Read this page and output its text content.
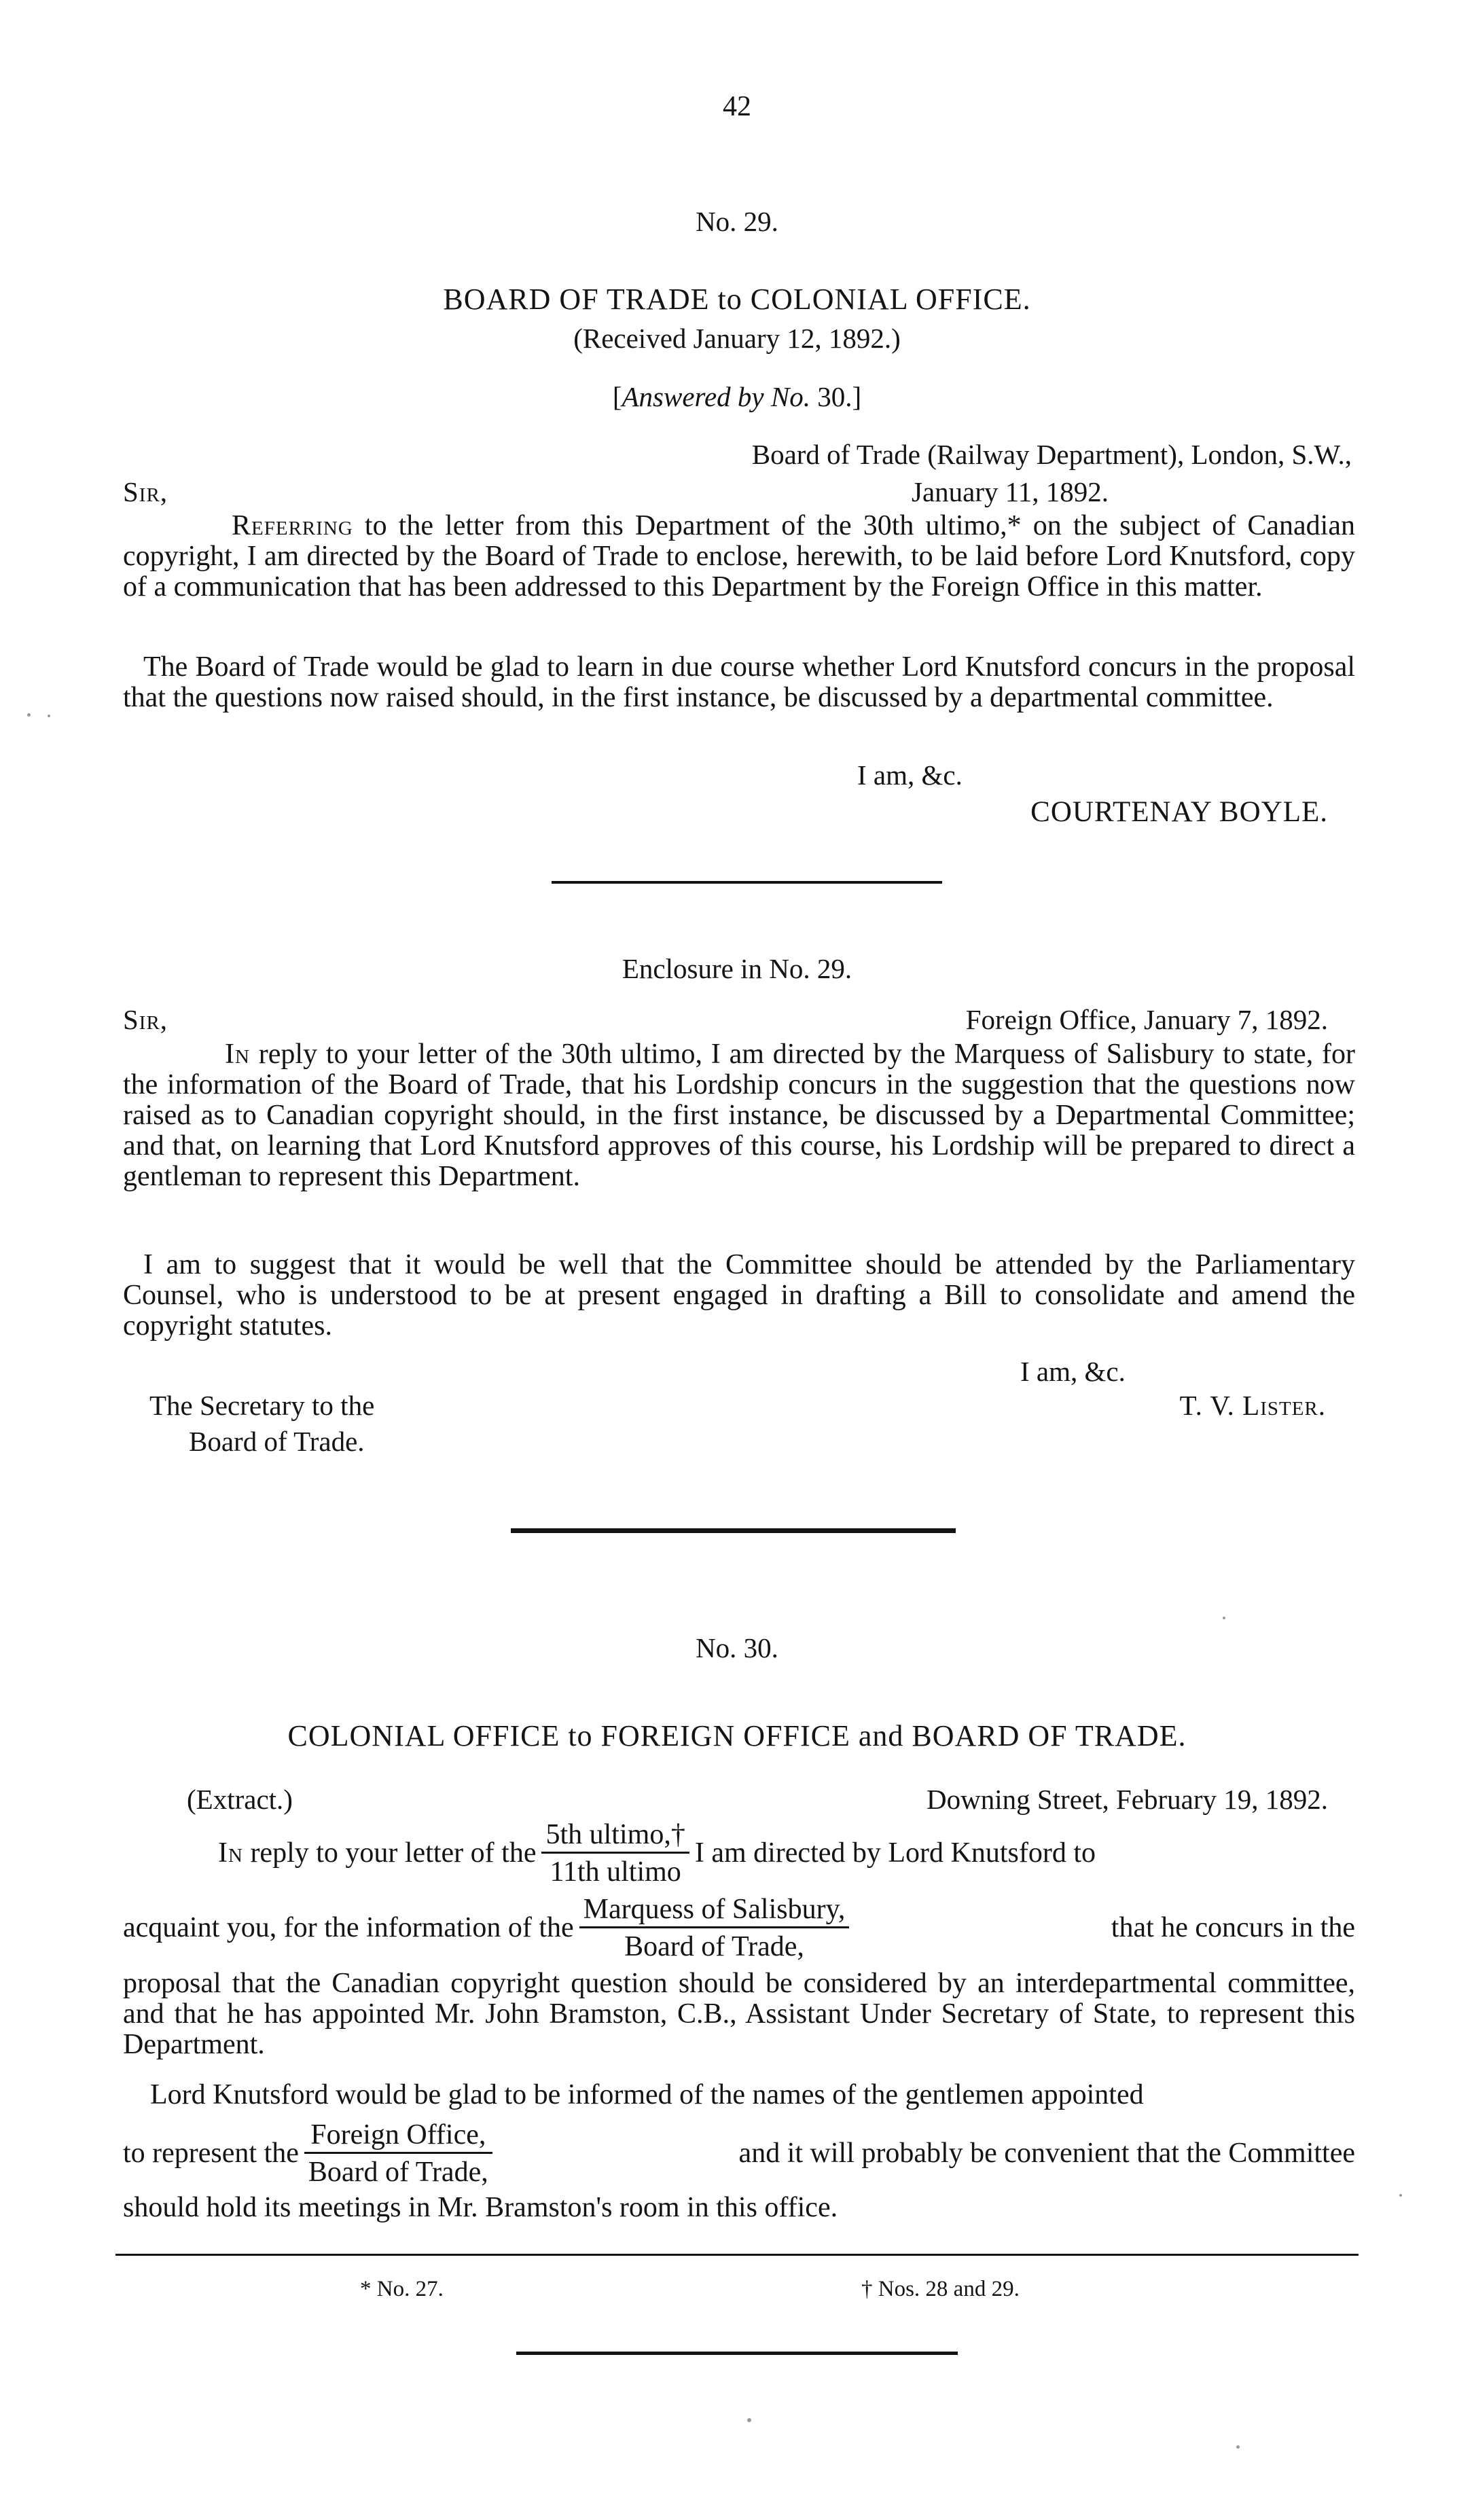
42
No. 29.
BOARD OF TRADE to COLONIAL OFFICE.
(Received January 12, 1892.)
[Answered by No. 30.]
Board of Trade (Railway Department), London, S.W.,
Sir,	January 11, 1892.
Referring to the letter from this Department of the 30th ultimo,* on the subject of Canadian copyright, I am directed by the Board of Trade to enclose, herewith, to be laid before Lord Knutsford, copy of a communication that has been addressed to this Department by the Foreign Office in this matter.
The Board of Trade would be glad to learn in due course whether Lord Knutsford concurs in the proposal that the questions now raised should, in the first instance, be discussed by a departmental committee.
I am, &c.
COURTENAY BOYLE.
Enclosure in No. 29.
Sir,	Foreign Office, January 7, 1892.
In reply to your letter of the 30th ultimo, I am directed by the Marquess of Salisbury to state, for the information of the Board of Trade, that his Lordship concurs in the suggestion that the questions now raised as to Canadian copyright should, in the first instance, be discussed by a Departmental Committee; and that, on learning that Lord Knutsford approves of this course, his Lordship will be prepared to direct a gentleman to represent this Department.
I am to suggest that it would be well that the Committee should be attended by the Parliamentary Counsel, who is understood to be at present engaged in drafting a Bill to consolidate and amend the copyright statutes.
I am, &c.
The Secretary to the
Board of Trade.
T. V. Lister.
No. 30.
COLONIAL OFFICE to FOREIGN OFFICE and BOARD OF TRADE.
(Extract.)	Downing Street, February 19, 1892.
In reply to your letter of the $\frac{\text{5th ultimo,†}}{\text{11th ultimo}}$ I am directed by Lord Knutsford to
acquaint you, for the information of the $\frac{\text{Marquess of Salisbury,}}{\text{Board of Trade,}}$	that he concurs in the
proposal that the Canadian copyright question should be considered by an interdepartmental committee, and that he has appointed Mr. John Bramston, C.B., Assistant Under Secretary of State, to represent this Department.
Lord Knutsford would be glad to be informed of the names of the gentlemen appointed
to represent the $\frac{\text{Foreign Office,}}{\text{Board of Trade,}}$	and it will probably be convenient that the Committee
should hold its meetings in Mr. Bramston's room in this office.
* No. 27.	† Nos. 28 and 29.
